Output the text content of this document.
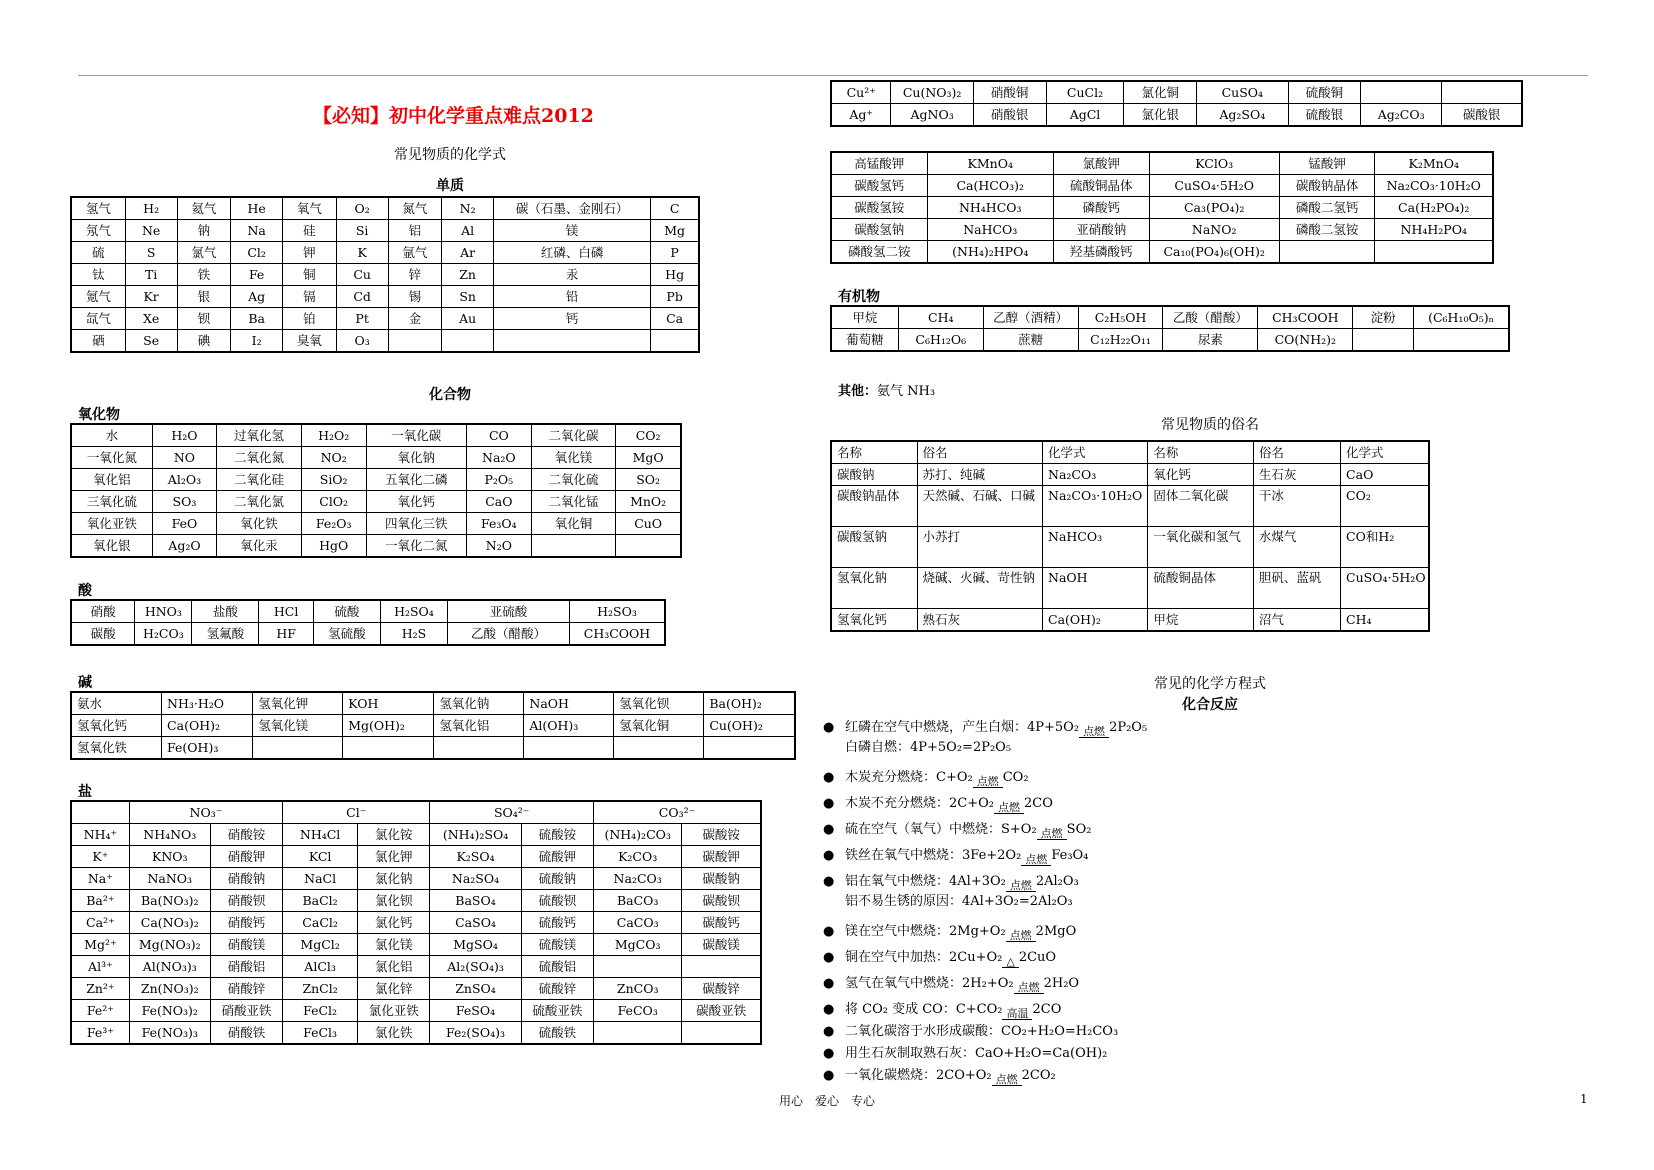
【必知】初中化学重点难点2012
常见物质的化学式
单质
氢气	H₂	氦气	He	氧气	O₂	氮气	N₂	碳（石墨、金刚石）	C
氖气	Ne	钠	Na	硅	Si	铝	Al	镁	Mg
硫	S	氯气	Cl₂	钾	K	氩气	Ar	红磷、白磷	P
钛	Ti	铁	Fe	铜	Cu	锌	Zn	汞	Hg
氪气	Kr	银	Ag	镉	Cd	锡	Sn	铅	Pb
氙气	Xe	钡	Ba	铂	Pt	金	Au	钙	Ca
硒	Se	碘	I₂	臭氧	O₃				
化合物
氧化物
水	H₂O	过氧化氢	H₂O₂	一氧化碳	CO	二氧化碳	CO₂
一氧化氮	NO	二氧化氮	NO₂	氧化钠	Na₂O	氧化镁	MgO
氧化铝	Al₂O₃	二氧化硅	SiO₂	五氧化二磷	P₂O₅	二氧化硫	SO₂
三氧化硫	SO₃	二氧化氯	ClO₂	氧化钙	CaO	二氧化锰	MnO₂
氧化亚铁	FeO	氧化铁	Fe₂O₃	四氧化三铁	Fe₃O₄	氧化铜	CuO
氧化银	Ag₂O	氧化汞	HgO	一氧化二氮	N₂O		
酸
硝酸	HNO₃	盐酸	HCl	硫酸	H₂SO₄	亚硫酸	H₂SO₃
碳酸	H₂CO₃	氢氟酸	HF	氢硫酸	H₂S	乙酸（醋酸）	CH₃COOH
碱
氨水	NH₃·H₂O	氢氧化钾	KOH	氢氧化钠	NaOH	氢氧化钡	Ba(OH)₂
氢氧化钙	Ca(OH)₂	氢氧化镁	Mg(OH)₂	氢氧化铝	Al(OH)₃	氢氧化铜	Cu(OH)₂
氢氧化铁	Fe(OH)₃						
盐
	NO₃⁻		Cl⁻		SO₄²⁻		CO₃²⁻	
NH₄⁺	NH₄NO₃	硝酸铵	NH₄Cl	氯化铵	(NH₄)₂SO₄	硫酸铵	(NH₄)₂CO₃	碳酸铵
K⁺	KNO₃	硝酸钾	KCl	氯化钾	K₂SO₄	硫酸钾	K₂CO₃	碳酸钾
Na⁺	NaNO₃	硝酸钠	NaCl	氯化钠	Na₂SO₄	硫酸钠	Na₂CO₃	碳酸钠
Ba²⁺	Ba(NO₃)₂	硝酸钡	BaCl₂	氯化钡	BaSO₄	硫酸钡	BaCO₃	碳酸钡
Ca²⁺	Ca(NO₃)₂	硝酸钙	CaCl₂	氯化钙	CaSO₄	硫酸钙	CaCO₃	碳酸钙
Mg²⁺	Mg(NO₃)₂	硝酸镁	MgCl₂	氯化镁	MgSO₄	硫酸镁	MgCO₃	碳酸镁
Al³⁺	Al(NO₃)₃	硝酸铝	AlCl₃	氯化铝	Al₂(SO₄)₃	硫酸铝		
Zn²⁺	Zn(NO₃)₂	硝酸锌	ZnCl₂	氯化锌	ZnSO₄	硫酸锌	ZnCO₃	碳酸锌
Fe²⁺	Fe(NO₃)₂	硝酸亚铁	FeCl₂	氯化亚铁	FeSO₄	硫酸亚铁	FeCO₃	碳酸亚铁
Fe³⁺	Fe(NO₃)₃	硝酸铁	FeCl₃	氯化铁	Fe₂(SO₄)₃	硫酸铁		
Cu²⁺	Cu(NO₃)₂	硝酸铜	CuCl₂	氯化铜	CuSO₄	硫酸铜		
Ag⁺	AgNO₃	硝酸银	AgCl	氯化银	Ag₂SO₄	硫酸银	Ag₂CO₃	碳酸银
高锰酸钾	KMnO₄	氯酸钾	KClO₃	锰酸钾	K₂MnO₄
碳酸氢钙	Ca(HCO₃)₂	硫酸铜晶体	CuSO₄·5H₂O	碳酸钠晶体	Na₂CO₃·10H₂O
碳酸氢铵	NH₄HCO₃	磷酸钙	Ca₃(PO₄)₂	磷酸二氢钙	Ca(H₂PO₄)₂
碳酸氢钠	NaHCO₃	亚硝酸钠	NaNO₂	磷酸二氢铵	NH₄H₂PO₄
磷酸氢二铵	(NH₄)₂HPO₄	羟基磷酸钙	Ca₁₀(PO₄)₆(OH)₂		
有机物
甲烷	CH₄	乙醇（酒精）	C₂H₅OH	乙酸（醋酸）	CH₃COOH	淀粉	(C₆H₁₀O₅)ₙ
葡萄糖	C₆H₁₂O₆	蔗糖	C₁₂H₂₂O₁₁	尿素	CO(NH₂)₂		
其他：氨气 NH₃
常见物质的俗名
名称	俗名	化学式	名称	俗名	化学式
碳酸钠	苏打、纯碱	Na₂CO₃	氧化钙	生石灰	CaO
碳酸钠晶体	天然碱、石碱、口碱	Na₂CO₃·10H₂O	固体二氧化碳	干冰	CO₂
碳酸氢钠	小苏打	NaHCO₃	一氧化碳和氢气	水煤气	CO和H₂
氢氧化钠	烧碱、火碱、苛性钠	NaOH	硫酸铜晶体	胆矾、蓝矾	CuSO₄·5H₂O
氢氧化钙	熟石灰	Ca(OH)₂	甲烷	沼气	CH₄
常见的化学方程式
化合反应
● 红磷在空气中燃烧，产生白烟：4P+5O₂ 点燃 2P₂O₅
白磷自燃：4P+5O₂=2P₂O₅
● 木炭充分燃烧：C+O₂ 点燃 CO₂
● 木炭不充分燃烧：2C+O₂ 点燃 2CO
● 硫在空气（氧气）中燃烧：S+O₂ 点燃 SO₂
● 铁丝在氧气中燃烧：3Fe+2O₂ 点燃 Fe₃O₄
● 铝在氧气中燃烧：4Al+3O₂ 点燃 2Al₂O₃
铝不易生锈的原因：4Al+3O₂=2Al₂O₃
● 镁在空气中燃烧：2Mg+O₂ 点燃 2MgO
● 铜在空气中加热：2Cu+O₂ △ 2CuO
● 氢气在氧气中燃烧：2H₂+O₂ 点燃 2H₂O
● 将 CO₂ 变成 CO：C+CO₂ 高温 2CO
● 二氧化碳溶于水形成碳酸：CO₂+H₂O=H₂CO₃
● 用生石灰制取熟石灰：CaO+H₂O=Ca(OH)₂
● 一氧化碳燃烧：2CO+O₂ 点燃 2CO₂
用心　爱心　专心	1
